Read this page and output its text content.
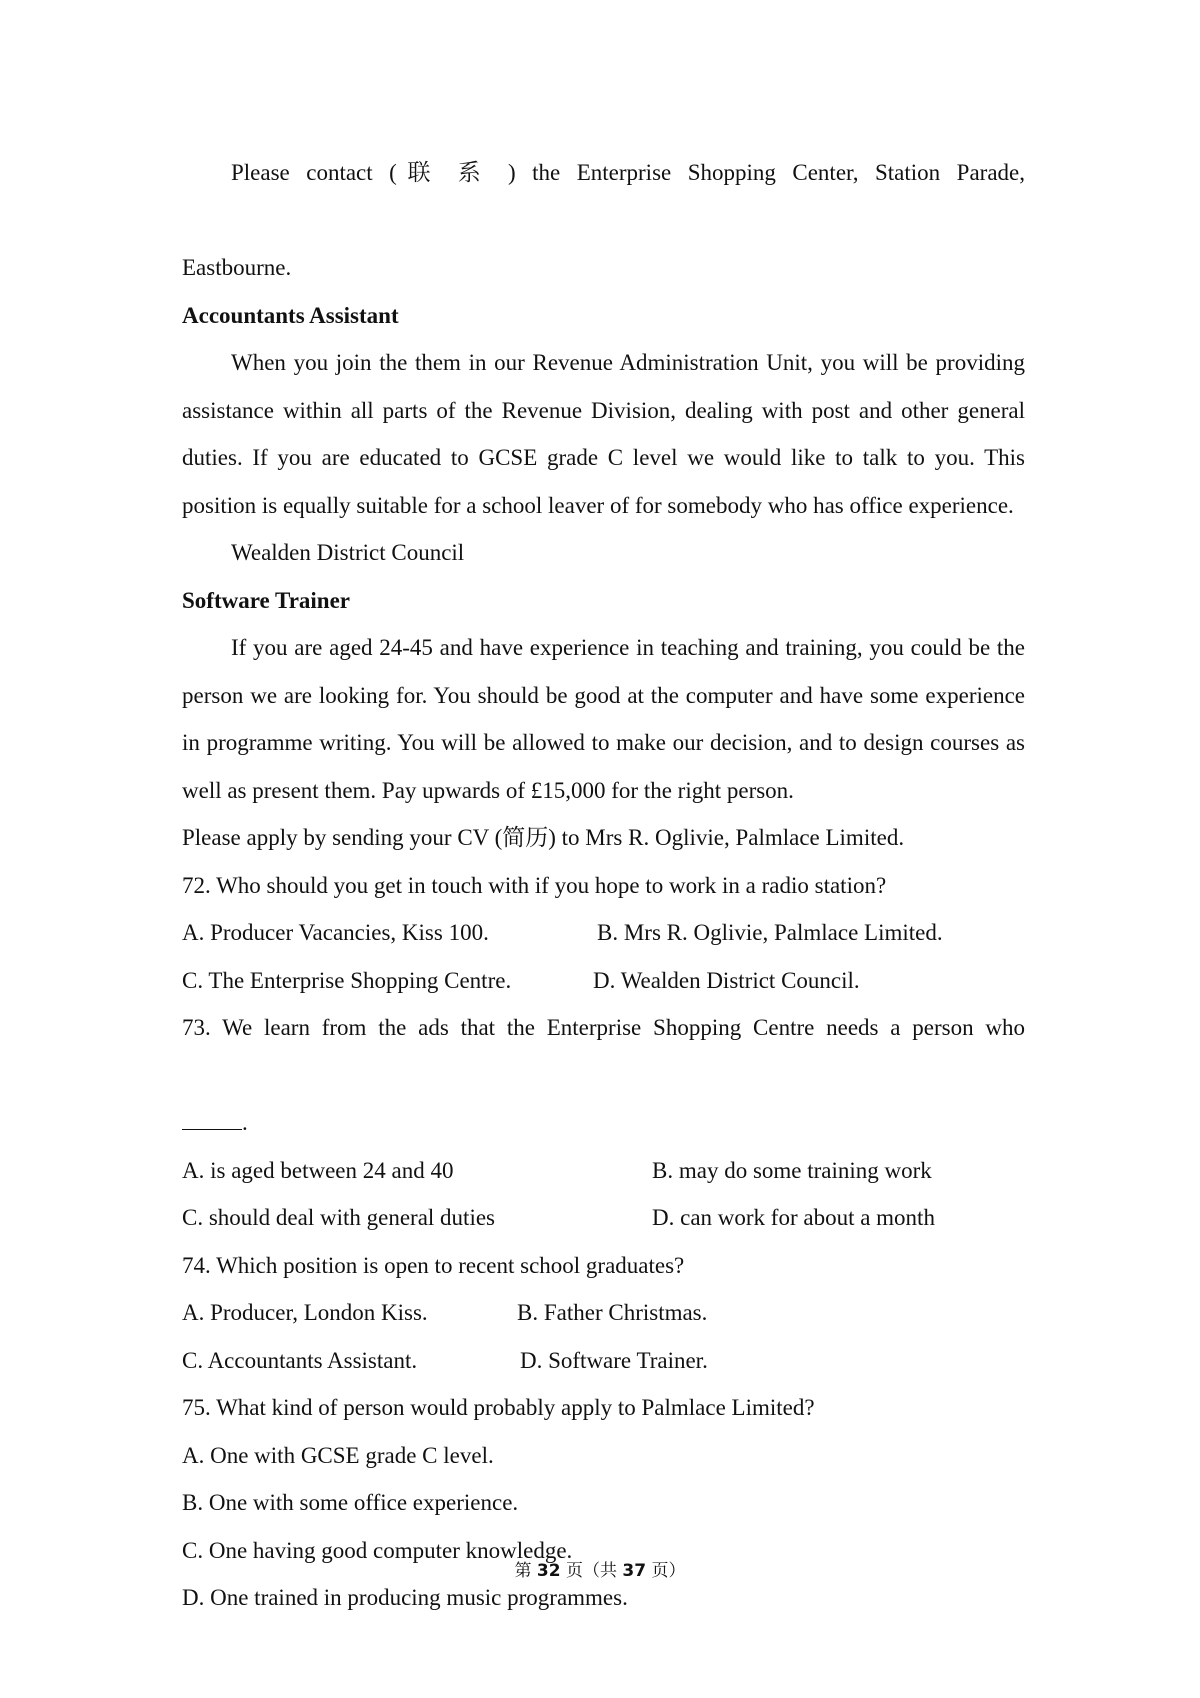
Please contact (联 系 ) the Enterprise Shopping Center, Station Parade,

Eastbourne.

Accountants Assistant

When you join the them in our Revenue Administration Unit, you will be providing assistance within all parts of the Revenue Division, dealing with post and other general duties. If you are educated to GCSE grade C level we would like to talk to you. This position is equally suitable for a school leaver of for somebody who has office experience.

Wealden District Council

Software Trainer

If you are aged 24-45 and have experience in teaching and training, you could be the person we are looking for. You should be good at the computer and have some experience in programme writing. You will be allowed to make our decision, and to design courses as well as present them. Pay upwards of £15,000 for the right person.

Please apply by sending your CV (简历) to Mrs R. Oglivie, Palmlace Limited.

72. Who should you get in touch with if you hope to work in a radio station?

A. Producer Vacancies, Kiss 100.	B. Mrs R. Oglivie, Palmlace Limited.
C. The Enterprise Shopping Centre.	D. Wealden District Council.

73. We learn from the ads that the Enterprise Shopping Centre needs a person who

.

A. is aged between 24 and 40	B. may do some training work
C. should deal with general duties	D. can work for about a month

74. Which position is open to recent school graduates?

A. Producer, London Kiss.	B. Father Christmas.
C. Accountants Assistant.	D. Software Trainer.

75. What kind of person would probably apply to Palmlace Limited?

A. One with GCSE grade C level.

B. One with some office experience.

C. One having good computer knowledge.

D. One trained in producing music programmes.

第 32 页（共 37 页）
